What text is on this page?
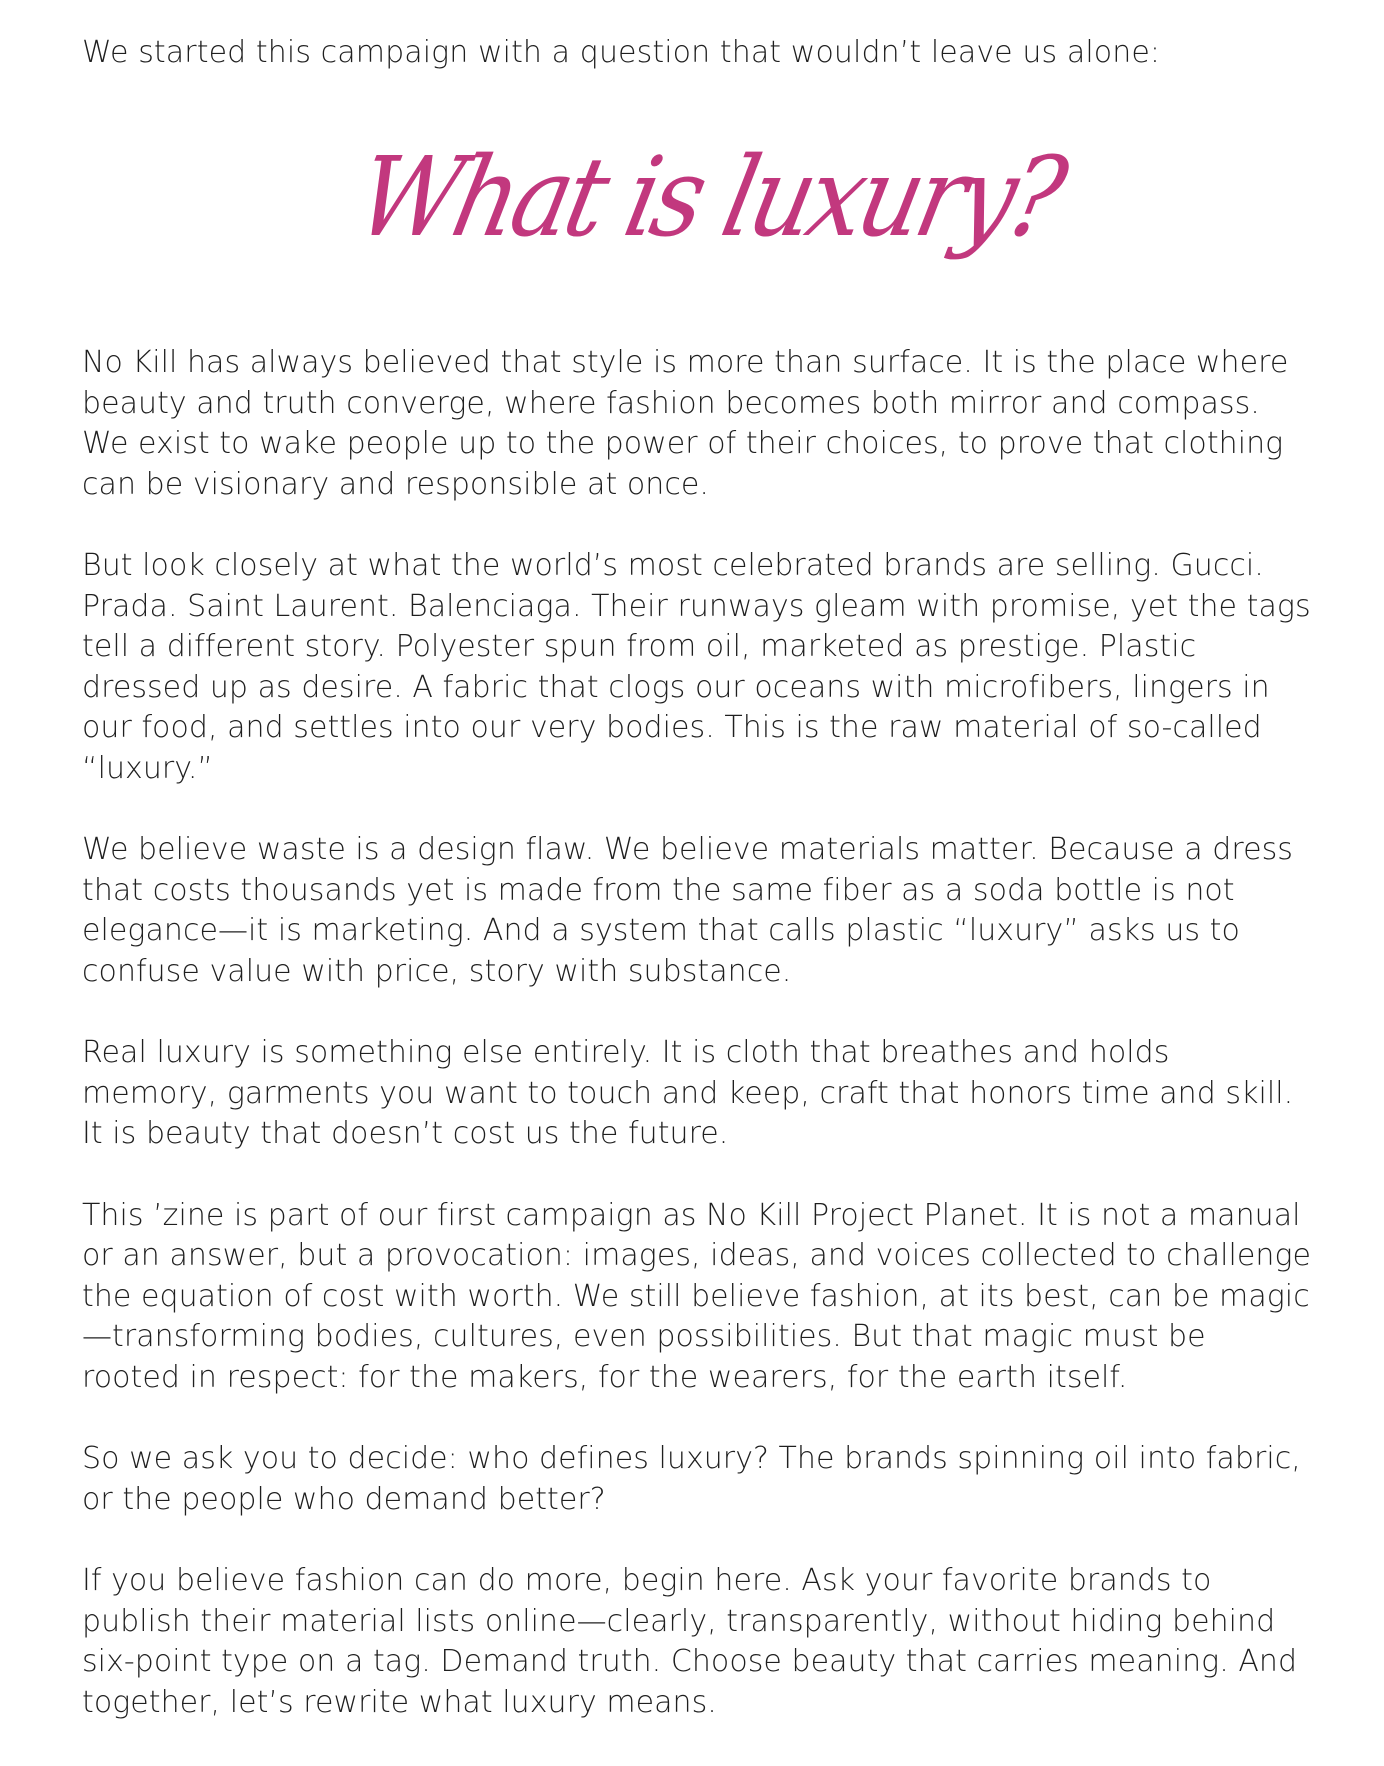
We started this campaign with a question that wouldn’t leave us alone:

What is luxury?

No Kill has always believed that style is more than surface. It is the place where beauty and truth converge, where fashion becomes both mirror and compass. We exist to wake people up to the power of their choices, to prove that clothing can be visionary and responsible at once.

But look closely at what the world’s most celebrated brands are selling. Gucci. Prada. Saint Laurent. Balenciaga. Their runways gleam with promise, yet the tags tell a different story. Polyester spun from oil, marketed as prestige. Plastic dressed up as desire. A fabric that clogs our oceans with microfibers, lingers in our food, and settles into our very bodies. This is the raw material of so-called “luxury.”

We believe waste is a design flaw. We believe materials matter. Because a dress that costs thousands yet is made from the same fiber as a soda bottle is not elegance—it is marketing. And a system that calls plastic “luxury” asks us to confuse value with price, story with substance.

Real luxury is something else entirely. It is cloth that breathes and holds memory, garments you want to touch and keep, craft that honors time and skill. It is beauty that doesn’t cost us the future.

This ’zine is part of our first campaign as No Kill Project Planet. It is not a manual or an answer, but a provocation: images, ideas, and voices collected to challenge the equation of cost with worth. We still believe fashion, at its best, can be magic—transforming bodies, cultures, even possibilities. But that magic must be rooted in respect: for the makers, for the wearers, for the earth itself.

So we ask you to decide: who defines luxury? The brands spinning oil into fabric, or the people who demand better?

If you believe fashion can do more, begin here. Ask your favorite brands to publish their material lists online—clearly, transparently, without hiding behind six-point type on a tag. Demand truth. Choose beauty that carries meaning. And together, let’s rewrite what luxury means.
